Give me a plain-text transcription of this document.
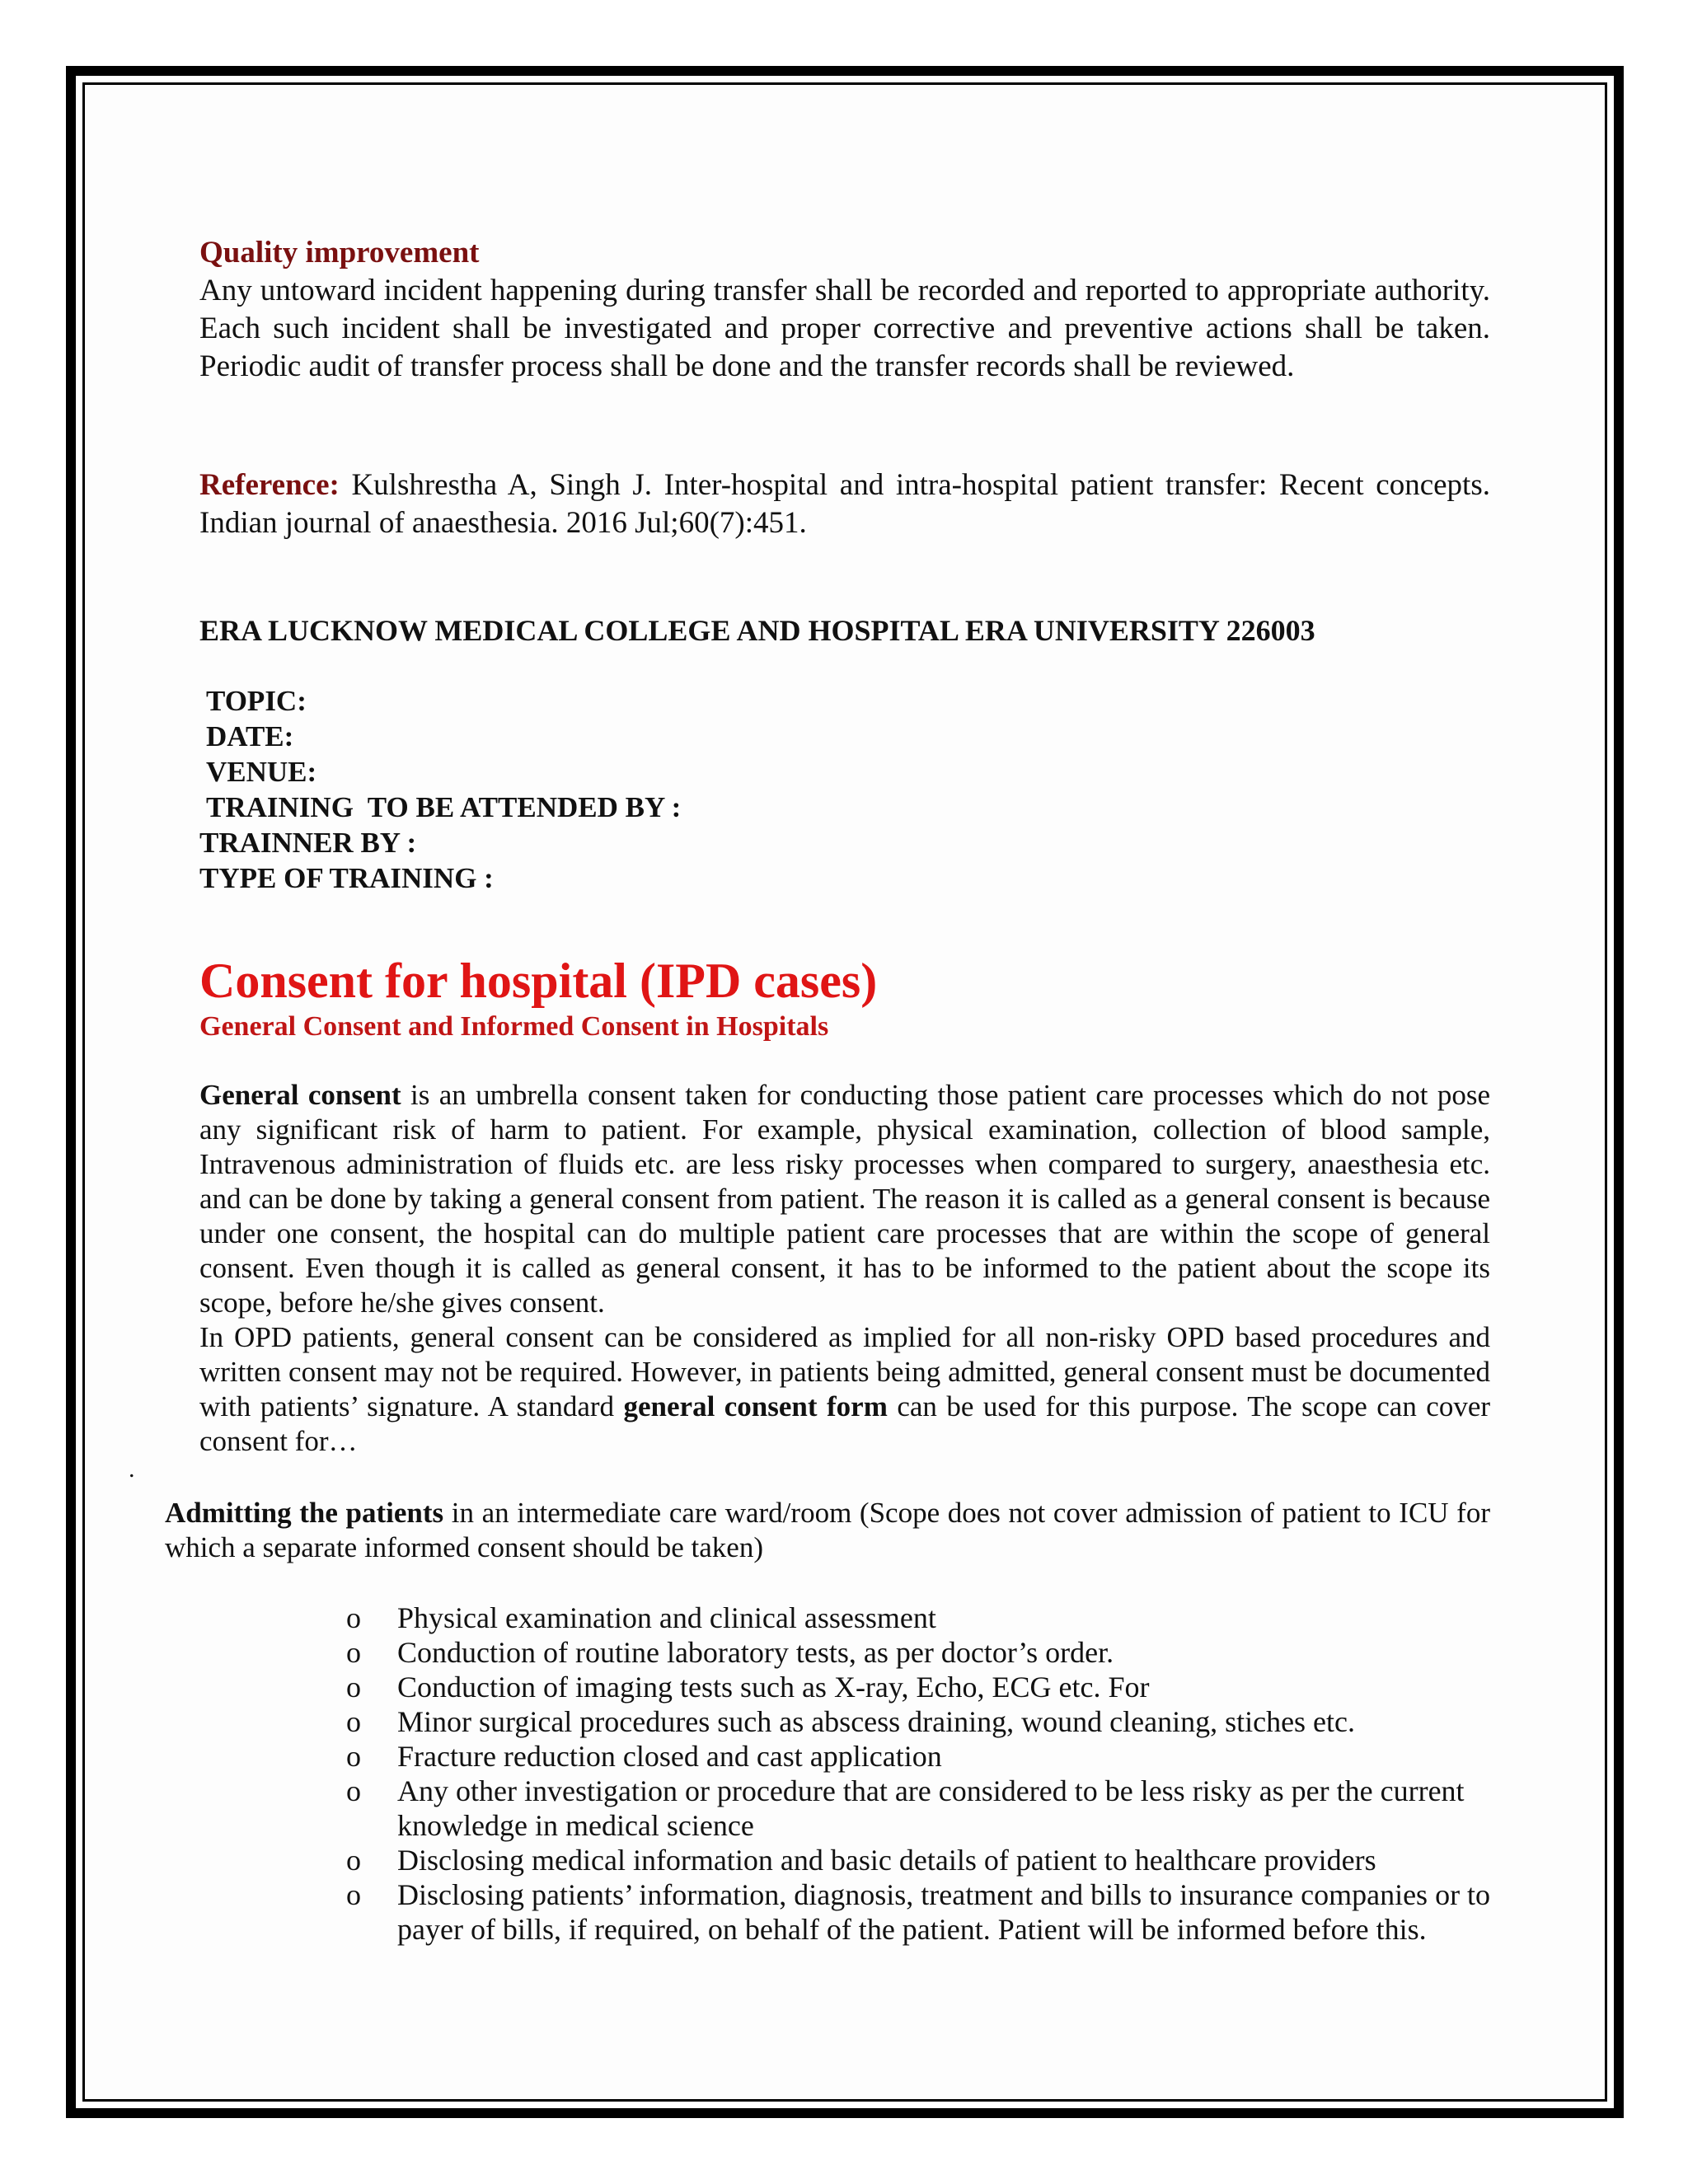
Quality improvement

Any untoward incident happening during transfer shall be recorded and reported to appropriate authority. Each such incident shall be investigated and proper corrective and preventive actions shall be taken. Periodic audit of transfer process shall be done and the transfer records shall be reviewed.

Reference: Kulshrestha A, Singh J. Inter-hospital and intra-hospital patient transfer: Recent concepts. Indian journal of anaesthesia. 2016 Jul;60(7):451.

ERA LUCKNOW MEDICAL COLLEGE AND HOSPITAL ERA UNIVERSITY 226003
TOPIC:
DATE:
VENUE:
TRAINING  TO BE ATTENDED BY :
TRAINNER BY :
TYPE OF TRAINING :
Consent for hospital (IPD cases)
General Consent and Informed Consent in Hospitals

General consent is an umbrella consent taken for conducting those patient care processes which do not pose any significant risk of harm to patient. For example, physical examination, collection of blood sample, Intravenous administration of fluids etc. are less risky processes when compared to surgery, anaesthesia etc. and can be done by taking a general consent from patient. The reason it is called as a general consent is because under one consent, the hospital can do multiple patient care processes that are within the scope of general consent. Even though it is called as general consent, it has to be informed to the patient about the scope its scope, before he/she gives consent.

In OPD patients, general consent can be considered as implied for all non-risky OPD based procedures and written consent may not be required. However, in patients being admitted, general consent must be documented with patients’ signature. A standard general consent form can be used for this purpose. The scope can cover consent for…

.

Admitting the patients in an intermediate care ward/room (Scope does not cover admission of patient to ICU for which a separate informed consent should be taken)

o Physical examination and clinical assessment
o Conduction of routine laboratory tests, as per doctor’s order.
o Conduction of imaging tests such as X-ray, Echo, ECG etc. For
o Minor surgical procedures such as abscess draining, wound cleaning, stiches etc.
o Fracture reduction closed and cast application
o Any other investigation or procedure that are considered to be less risky as per the current knowledge in medical science
o Disclosing medical information and basic details of patient to healthcare providers
o Disclosing patients’ information, diagnosis, treatment and bills to insurance companies or to payer of bills, if required, on behalf of the patient. Patient will be informed before this.
